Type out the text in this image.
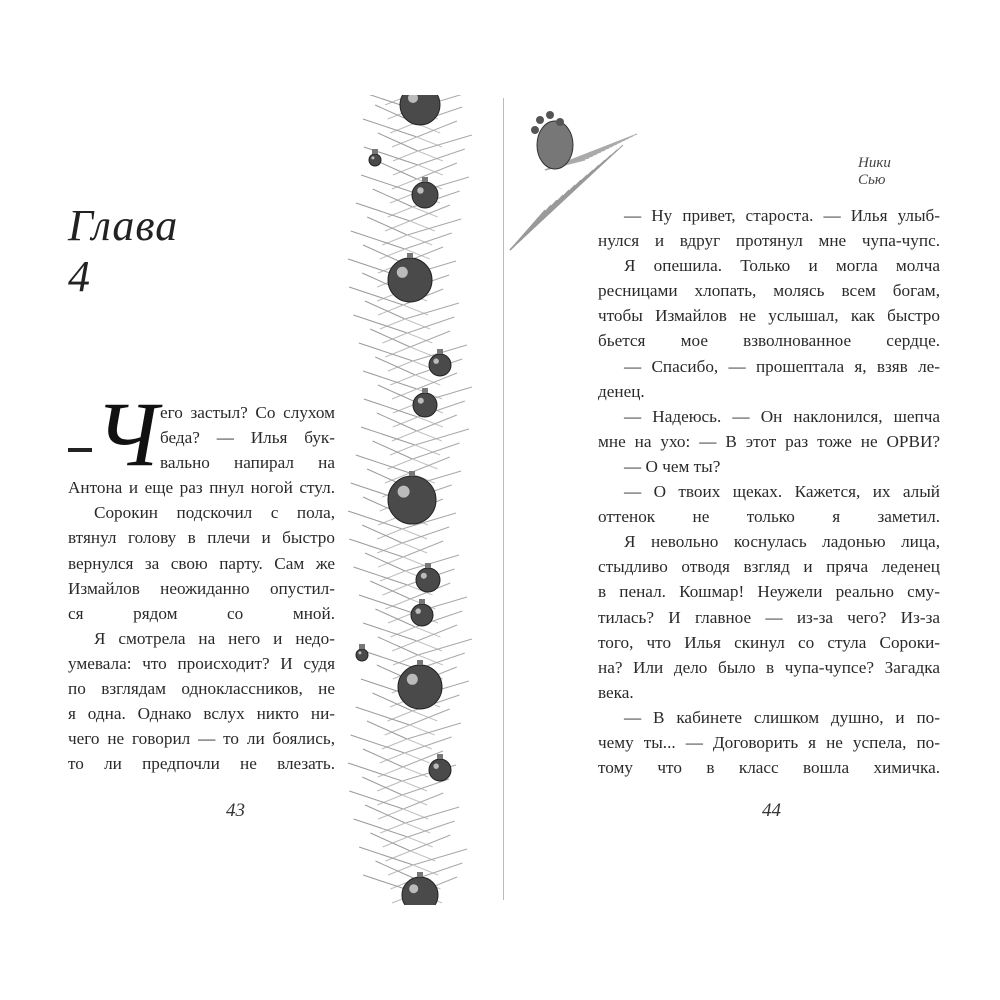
Глава 4
Ч его застыл? Со слухом
беда? — Илья бук-
вально напирал на
Антона и еще раз пнул ногой стул.
Сорокин подскочил с пола,
втянул голову в плечи и быстро
вернулся за свою парту. Сам же
Измайлов неожиданно опустил-
ся рядом со мной.
Я смотрела на него и недо-
умевала: что происходит? И судя
по взглядам одноклассников, не
я одна. Однако вслух никто ни-
чего не говорил — то ли боялись,
то ли предпочли не влезать.
43
Ники Сью
— Ну привет, староста. — Илья улыб-
нулся и вдруг протянул мне чупа-чупс.
Я опешила. Только и могла молча
ресницами хлопать, молясь всем богам,
чтобы Измайлов не услышал, как быстро
бьется мое взволнованное сердце.
— Спасибо, — прошептала я, взяв ле-
денец.
— Надеюсь. — Он наклонился, шепча
мне на ухо: — В этот раз тоже не ОРВИ?
— О чем ты?
— О твоих щеках. Кажется, их алый
оттенок не только я заметил.
Я невольно коснулась ладонью лица,
стыдливо отводя взгляд и пряча леденец
в пенал. Кошмар! Неужели реально сму-
тилась? И главное — из-за чего? Из-за
того, что Илья скинул со стула Сороки-
на? Или дело было в чупа-чупсе? Загадка
века.
— В кабинете слишком душно, и по-
чему ты... — Договорить я не успела, по-
тому что в класс вошла химичка.
44
